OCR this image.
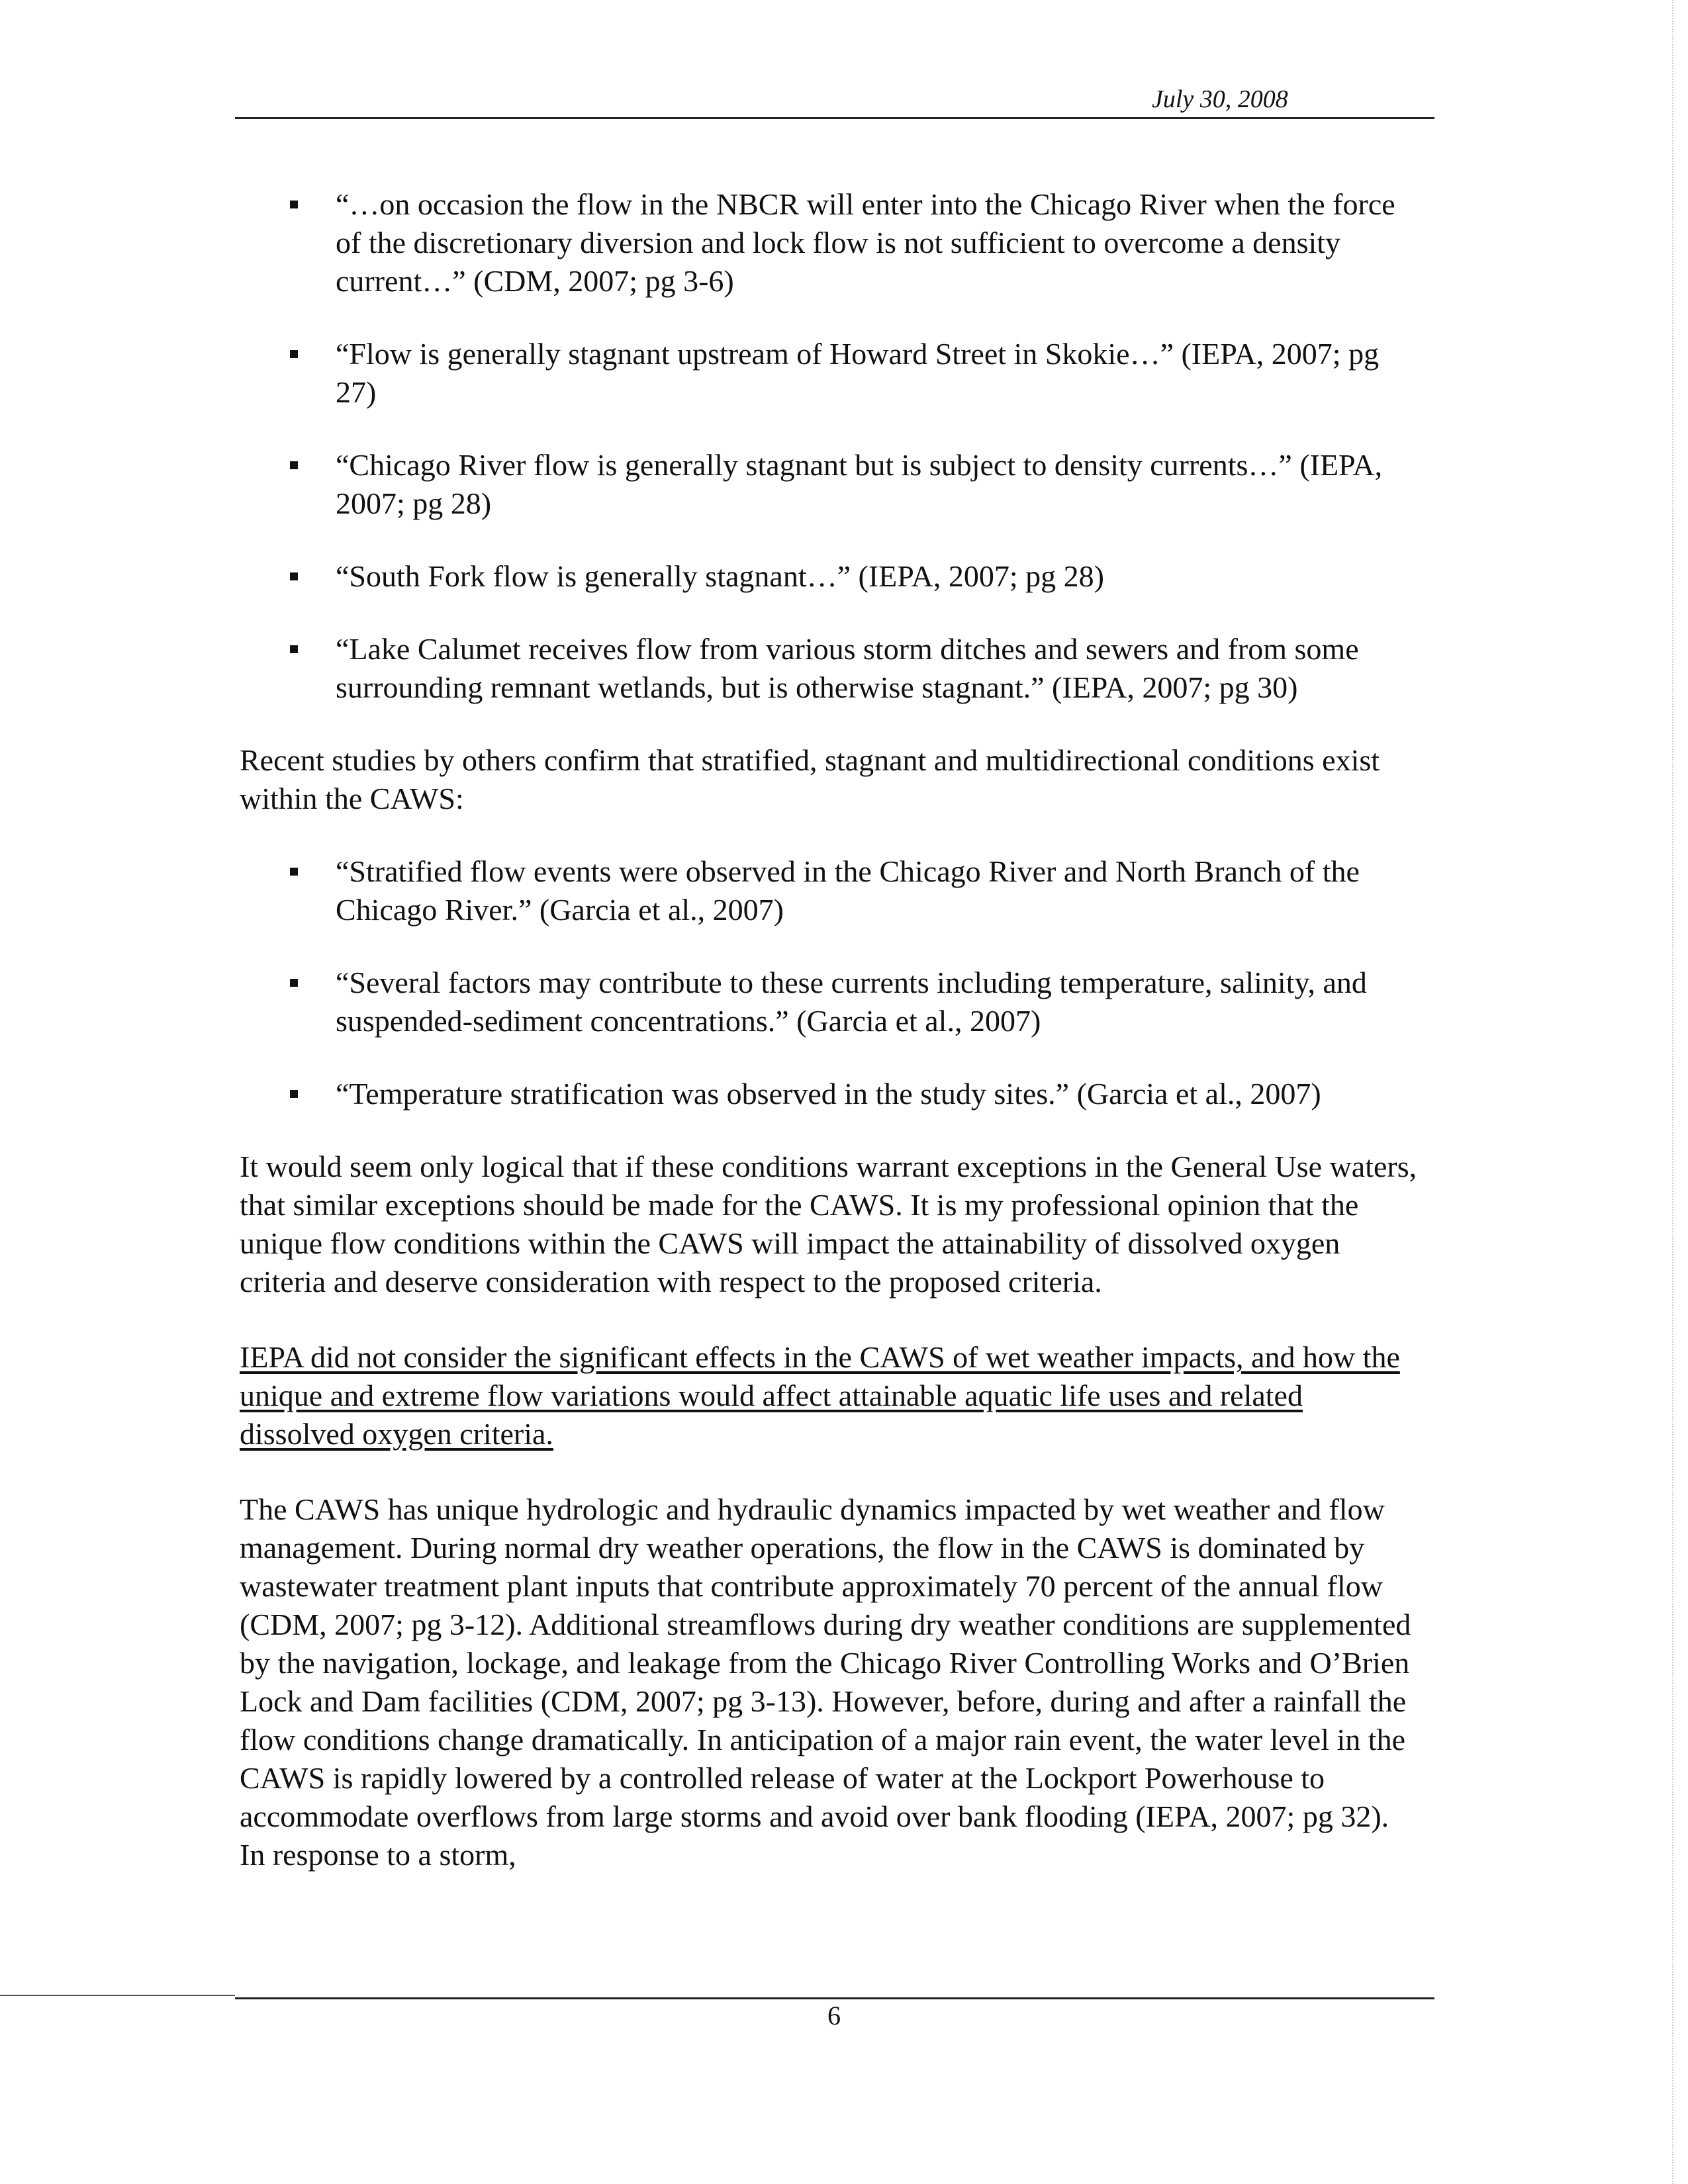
July 30, 2008
“…on occasion the flow in the NBCR will enter into the Chicago River when the force of the discretionary diversion and lock flow is not sufficient to overcome a density current…” (CDM, 2007; pg 3-6)
“Flow is generally stagnant upstream of Howard Street in Skokie…” (IEPA, 2007; pg 27)
“Chicago River flow is generally stagnant but is subject to density currents…” (IEPA, 2007; pg 28)
“South Fork flow is generally stagnant…” (IEPA, 2007; pg 28)
“Lake Calumet receives flow from various storm ditches and sewers and from some surrounding remnant wetlands, but is otherwise stagnant.” (IEPA, 2007; pg 30)

Recent studies by others confirm that stratified, stagnant and multidirectional conditions exist within the CAWS:

“Stratified flow events were observed in the Chicago River and North Branch of the Chicago River.” (Garcia et al., 2007)
“Several factors may contribute to these currents including temperature, salinity, and suspended-sediment concentrations.” (Garcia et al., 2007)
“Temperature stratification was observed in the study sites.” (Garcia et al., 2007)

It would seem only logical that if these conditions warrant exceptions in the General Use waters, that similar exceptions should be made for the CAWS. It is my professional opinion that the unique flow conditions within the CAWS will impact the attainability of dissolved oxygen criteria and deserve consideration with respect to the proposed criteria.

IEPA did not consider the significant effects in the CAWS of wet weather impacts, and how the unique and extreme flow variations would affect attainable aquatic life uses and related dissolved oxygen criteria.

The CAWS has unique hydrologic and hydraulic dynamics impacted by wet weather and flow management. During normal dry weather operations, the flow in the CAWS is dominated by wastewater treatment plant inputs that contribute approximately 70 percent of the annual flow (CDM, 2007; pg 3-12). Additional streamflows during dry weather conditions are supplemented by the navigation, lockage, and leakage from the Chicago River Controlling Works and O’Brien Lock and Dam facilities (CDM, 2007; pg 3-13). However, before, during and after a rainfall the flow conditions change dramatically. In anticipation of a major rain event, the water level in the CAWS is rapidly lowered by a controlled release of water at the Lockport Powerhouse to accommodate overflows from large storms and avoid over bank flooding (IEPA, 2007; pg 32). In response to a storm,

6
